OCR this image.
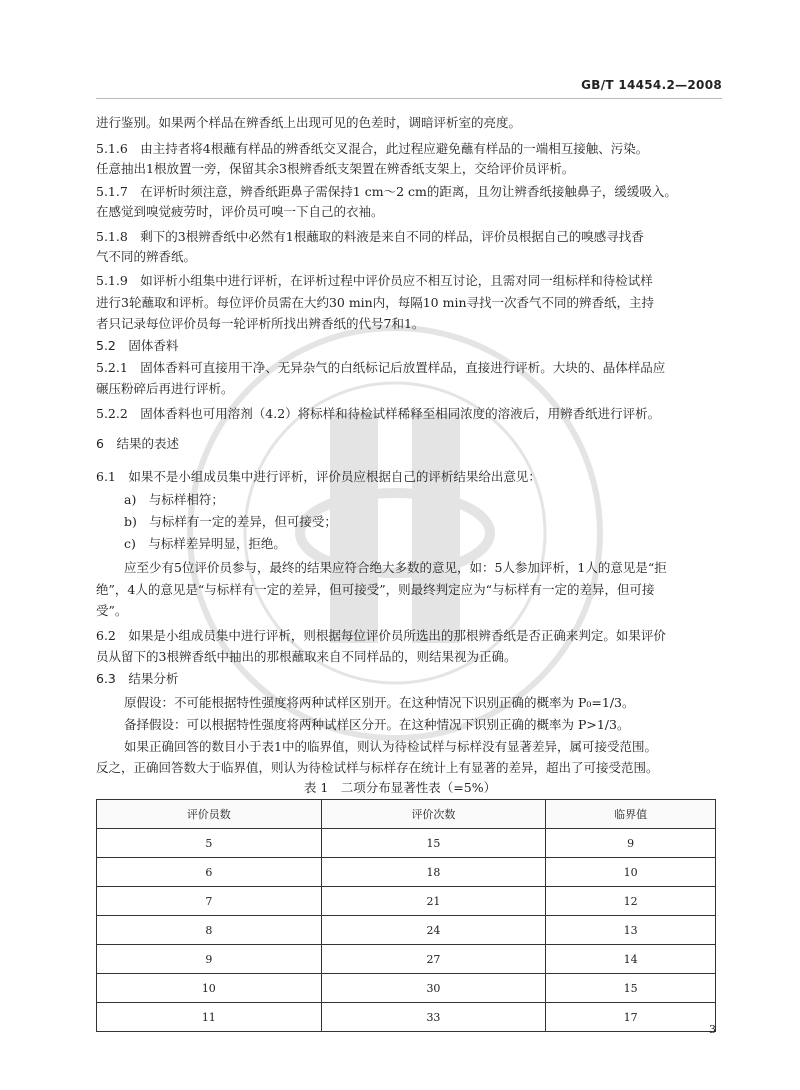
GB/T 14454.2—2008
进行鉴别。如果两个样品在辨香纸上出现可见的色差时，调暗评析室的亮度。
5.1.6　由主持者将4根蘸有样品的辨香纸交叉混合，此过程应避免蘸有样品的一端相互接触、污染。
任意抽出1根放置一旁，保留其余3根辨香纸支架置在辨香纸支架上，交给评价员评析。
5.1.7　在评析时须注意，辨香纸距鼻子需保持1 cm～2 cm的距离，且勿让辨香纸接触鼻子，缓缓吸入。
在感觉到嗅觉疲劳时，评价员可嗅一下自己的衣袖。
5.1.8　剩下的3根辨香纸中必然有1根蘸取的料液是来自不同的样品，评价员根据自己的嗅感寻找香
气不同的辨香纸。
5.1.9　如评析小组集中进行评析，在评析过程中评价员应不相互讨论，且需对同一组标样和待检试样
进行3轮蘸取和评析。每位评价员需在大约30 min内，每隔10 min寻找一次香气不同的辨香纸，主持
者只记录每位评价员每一轮评析所找出辨香纸的代号7和1。
5.2　固体香料
5.2.1　固体香料可直接用干净、无异杂气的白纸标记后放置样品，直接进行评析。大块的、晶体样品应
碾压粉碎后再进行评析。
5.2.2　固体香料也可用溶剂（4.2）将标样和待检试样稀释至相同浓度的溶液后，用辨香纸进行评析。
6　结果的表述
6.1　如果不是小组成员集中进行评析，评价员应根据自己的评析结果给出意见：
a)　与标样相符；
b)　与标样有一定的差异，但可接受；
c)　与标样差异明显，拒绝。
应至少有5位评价员参与，最终的结果应符合绝大多数的意见，如：5人参加评析，1人的意见是“拒
绝”，4人的意见是“与标样有一定的差异，但可接受”，则最终判定应为“与标样有一定的差异，但可接
受”。
6.2　如果是小组成员集中进行评析，则根据每位评价员所选出的那根辨香纸是否正确来判定。如果评价
员从留下的3根辨香纸中抽出的那根蘸取来自不同样品的，则结果视为正确。
6.3　结果分析
原假设：不可能根据特性强度将两种试样区别开。在这种情况下识别正确的概率为 P₀=1/3。
备择假设：可以根据特性强度将两种试样区分开。在这种情况下识别正确的概率为 P>1/3。
如果正确回答的数目小于表1中的临界值，则认为待检试样与标样没有显著差异，属可接受范围。
反之，正确回答数大于临界值，则认为待检试样与标样存在统计上有显著的差异，超出了可接受范围。
表 1　二项分布显著性表（=5%）
评价员数	评价次数	临界值
5	15	9
6	18	10
7	21	12
8	24	13
9	27	14
10	30	15
11	33	17
3
